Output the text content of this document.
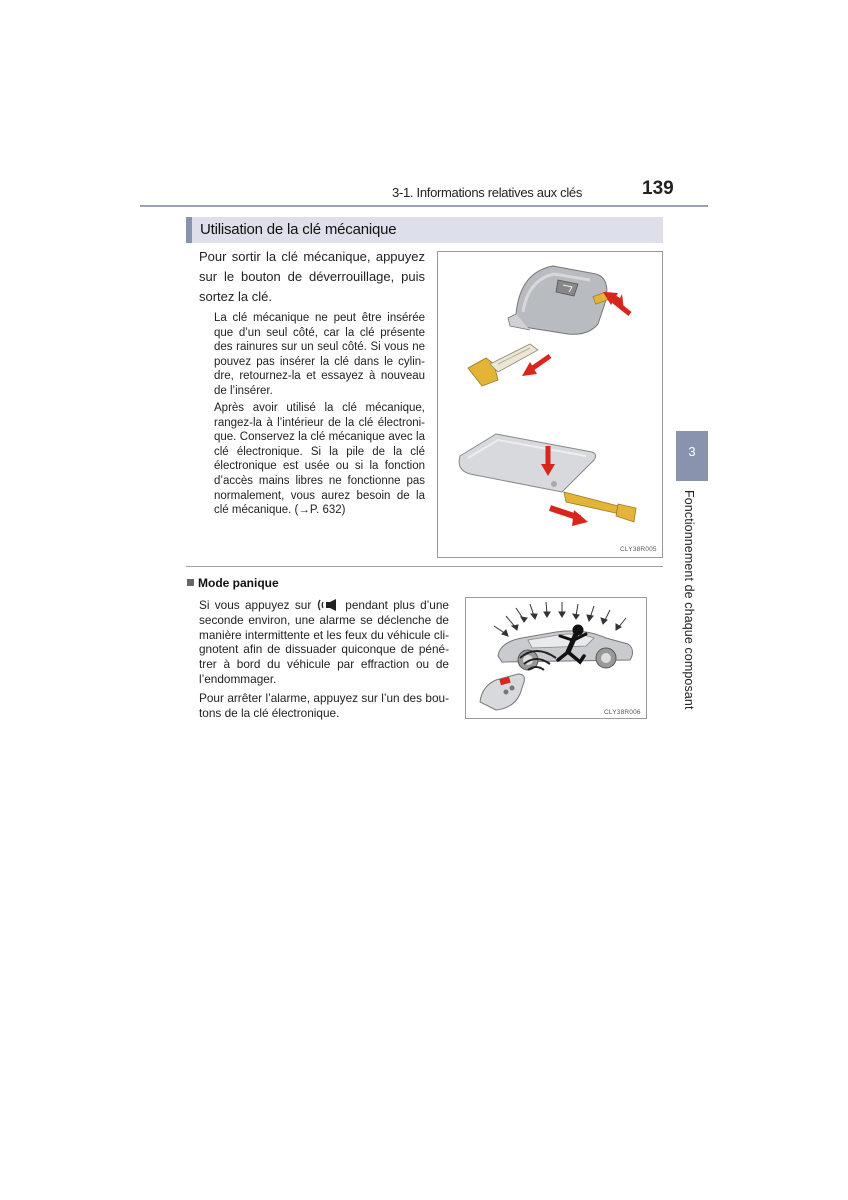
3-1. Informations relatives aux clés	139
Utilisation de la clé mécanique

Pour sortir la clé mécanique, appuyez sur le bouton de déverrouillage, puis sortez la clé.

La clé mécanique ne peut être insérée que d’un seul côté, car la clé présente des rainures sur un seul côté. Si vous ne pouvez pas insérer la clé dans le cylin-dre, retournez-la et essayez à nouveau de l’insérer.

Après avoir utilisé la clé mécanique, rangez-la à l’intérieur de la clé électroni-que. Conservez la clé mécanique avec la clé électronique. Si la pile de la clé électronique est usée ou si la fonction d’accès mains libres ne fonctionne pas normalement, vous aurez besoin de la clé mécanique. (→P. 632)

CLY38R005
Mode panique

Si vous appuyez sur	pendant plus d’une seconde environ, une alarme se déclenche de manière intermittente et les feux du véhicule cli-gnotent afin de dissuader quiconque de péné-trer à bord du véhicule par effraction ou de l’endommager.

Pour arrêter l’alarme, appuyez sur l’un des bou-tons de la clé électronique.	CLY38R006
3
Fonctionnement de chaque composant
